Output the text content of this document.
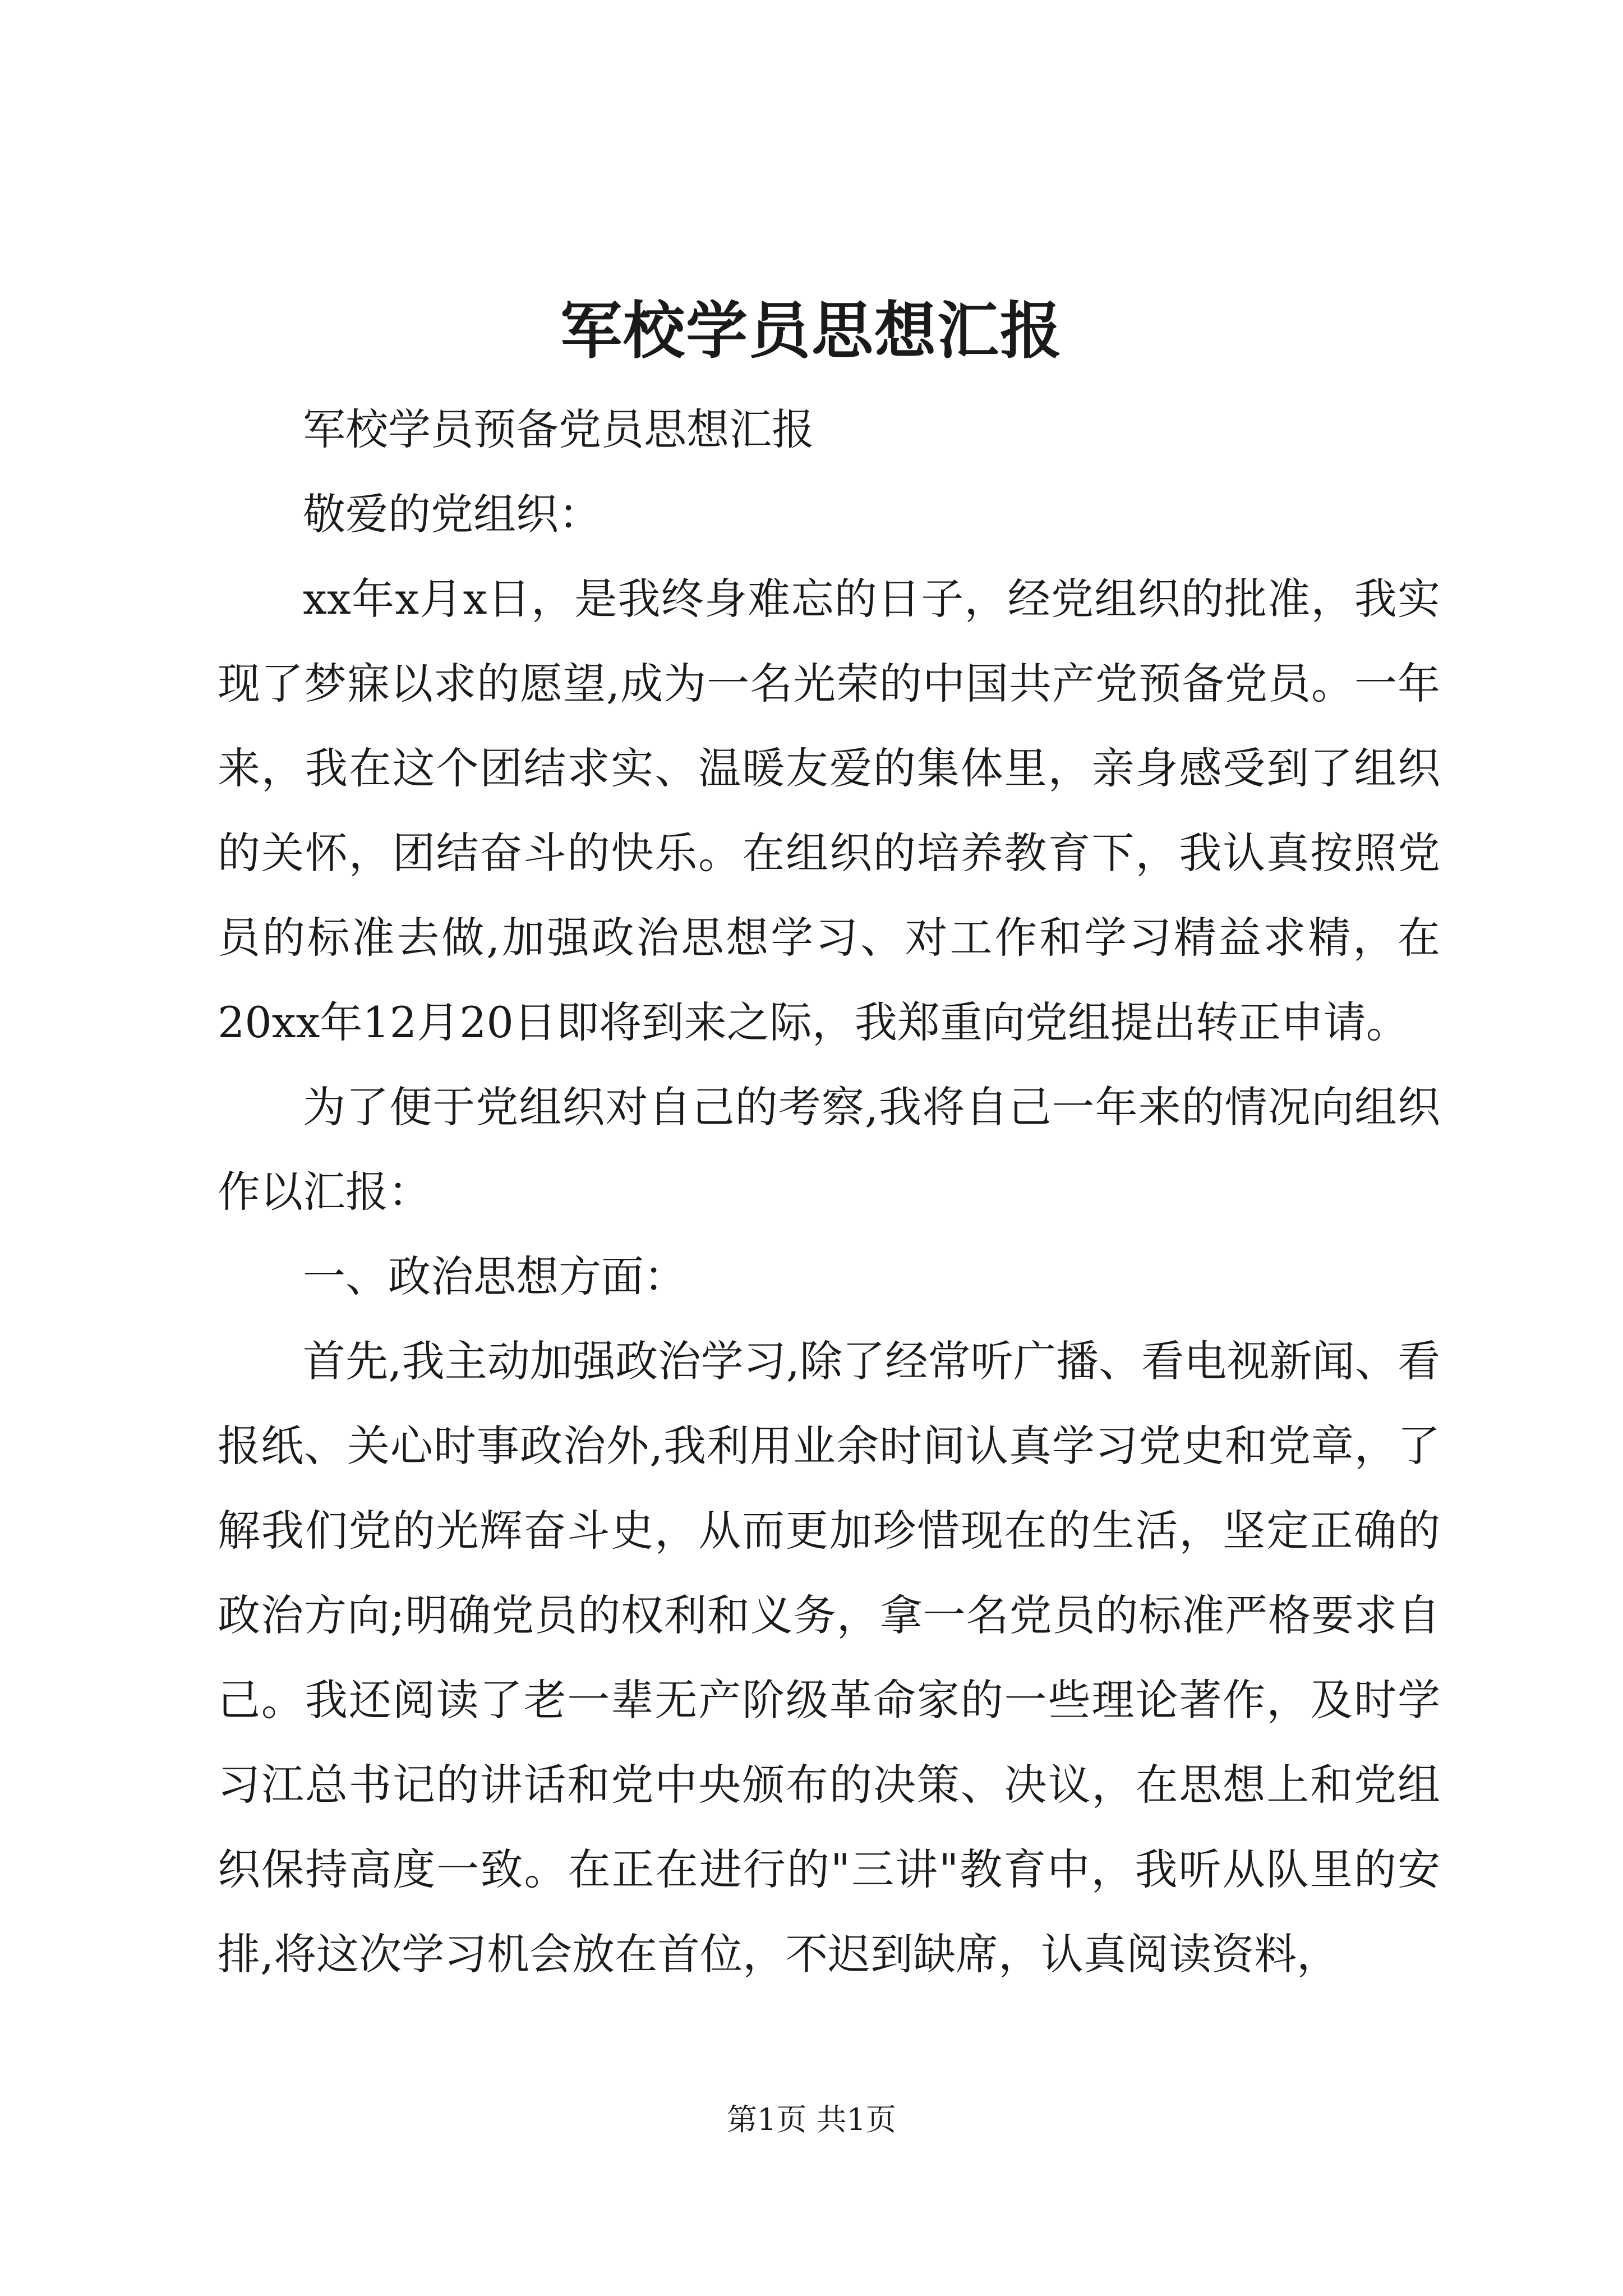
军校学员思想汇报

军校学员预备党员思想汇报

敬爱的党组织：

xx年x月x日，是我终身难忘的日子，经党组织的批准，我实现了梦寐以求的愿望,成为一名光荣的中国共产党预备党员。一年来，我在这个团结求实、温暖友爱的集体里，亲身感受到了组织的关怀，团结奋斗的快乐。在组织的培养教育下，我认真按照党员的标准去做,加强政治思想学习、对工作和学习精益求精，在20xx年12月20日即将到来之际，我郑重向党组提出转正申请。

为了便于党组织对自己的考察,我将自己一年来的情况向组织作以汇报：

一、政治思想方面：

首先,我主动加强政治学习,除了经常听广播、看电视新闻、看报纸、关心时事政治外,我利用业余时间认真学习党史和党章，了解我们党的光辉奋斗史，从而更加珍惜现在的生活，坚定正确的政治方向;明确党员的权利和义务，拿一名党员的标准严格要求自己。我还阅读了老一辈无产阶级革命家的一些理论著作，及时学习江总书记的讲话和党中央颁布的决策、决议，在思想上和党组织保持高度一致。在正在进行的"三讲"教育中，我听从队里的安排,将这次学习机会放在首位，不迟到缺席，认真阅读资料，

第1页 共1页
